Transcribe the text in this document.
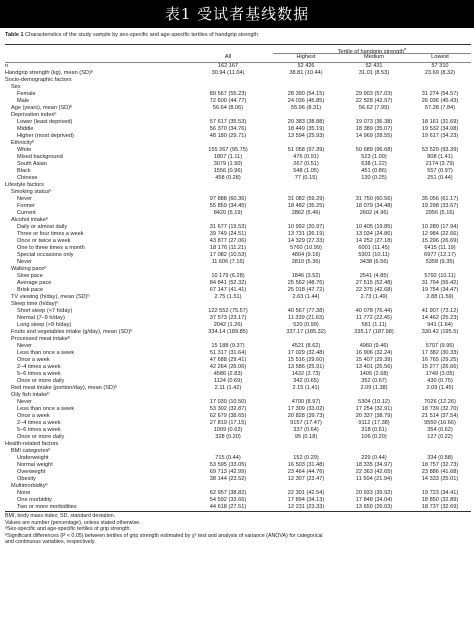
表1 受试者基线数据
Table 1 Characteristics of the study sample by sex-specific and age-specific tertiles of handgrip strength
Tertile of handgrip strength$^a$
All	Highest	Medium	Lowest
n	162 167	52 426	52 431	57 310
Handgrip strength (kg), mean (SD)ᵇ	30.94 (11.04)	38.81 (10.44)	31.01 (8.53)	23.69 (8.32)
Socio-demographic factors
Sex
Female	89 567 (55.23)	28 390 (54.15)	29 903 (57.03)	31 274 (54.57)
Male	72 600 (44.77)	24 036 (45.85)	22 528 (42.97)	26 036 (45.43)
Age (years), mean (SD)ᵇ	56.64 (8.06)	55.96 (8.31)	56.62 (7.99)	57.28 (7.84)
Deprivation indexᵇ
Lower (least deprived)	57 617 (35.53)	20 383 (38.88)	19 073 (36.38)	18 161 (31.69)
Middle	56 370 (34.76)	18 449 (35.19)	18 389 (35.07)	19 532 (34.08)
Higher (most deprived)	48 180 (29.71)	13 594 (25.93)	14 969 (28.55)	19 617 (34.23)
Ethnicityᵇ
White	155 267 (95.75)	51 058 (97.39)	50 689 (96.68)	53 520 (93.39)
Mixed background	1807 (1.11)	476 (0.91)	523 (1.00)	808 (1.41)
South Asian	3079 (1.90)	267 (0.51)	638 (1.22)	2174 (3.79)
Black	1556 (0.96)	548 (1.05)	451 (0.86)	557 (0.97)
Chinese	458 (0.28)	77 (0.15)	130 (0.25)	251 (0.44)
Lifestyle factors
Smoking statusᵇ
Never	97 888 (60.36)	31 082 (59.29)	31 750 (60.56)	35 056 (61.17)
Former	55 859 (34.45)	18 482 (35.25)	18 079 (34.48)	19 298 (33.67)
Current	8420 (5.19)	2862 (5.46)	2602 (4.96)	2956 (5.16)
Alcohol intakeᵇ
Daily or almost daily	31 677 (19.53)	10 992 (20.97)	10 405 (19.85)	10 280 (17.94)
Three or four times a week	39 749 (24.51)	13 731 (26.19)	13 034 (24.86)	12 984 (22.66)
Once or twice a week	43 877 (27.06)	14 329 (27.33)	14 252 (27.18)	15 296 (26.69)
One to three times a month	18 176 (11.21)	5760 (10.99)	6001 (11.45)	6415 (11.19)
Special occasions only	17 082 (10.53)	4804 (9.16)	5301 (10.11)	6977 (12.17)
Never	11 606 (7.16)	2810 (5.36)	3438 (6.56)	5358 (9.35)
Walking paceᵇ
Slow pace	10 179 (6.28)	1846 (3.52)	2541 (4.85)	5792 (10.11)
Average pace	84 841 (52.32)	25 562 (48.76)	27 515 (52.48)	31 764 (55.42)
Brisk pace	67 147 (41.41)	25 018 (47.72)	22 375 (42.68)	19 754 (34.47)
TV viewing (h/day), mean (SD)ᵇ	2.75 (1.51)	2.63 (1.44)	2.73 (1.49)	2.88 (1.59)
Sleep time (h/day)ᵇ
Short sleep (<7 h/day)	122 552 (75.57)	40 567 (77.38)	40 078 (76.44)	41 907 (73.12)
Normal (7–9 h/day)	37 573 (23.17)	11 339 (21.63)	11 772 (22.45)	14 462 (25.23)
Long sleep (>9 h/day)	2042 (1.26)	520 (0.99)	581 (1.11)	941 (1.64)
Fruits and vegetables intake (g/day), mean (SD)ᵇ	334.14 (189.85)	337.17 (185.32)	335.17 (187.98)	330.42 (195.5)
Processed meat intakeᵇ
Never	15 188 (9.37)	4521 (8.62)	4960 (9.46)	5707 (9.96)
Less than once a week	51 317 (31.64)	17 029 (32.48)	16 906 (32.24)	17 382 (30.33)
Once a week	47 688 (29.41)	15 516 (29.60)	15 407 (29.39)	16 765 (29.25)
2–4 times a week	42 264 (26.06)	13 586 (25.91)	13 401 (25.56)	15 277 (26.66)
5–6 times a week	4586 (2.83)	1432 (2.73)	1405 (2.68)	1749 (3.05)
Once or more daily	1124 (0.69)	342 (0.65)	352 (0.67)	430 (0.75)
Red meat intake (portion/day), mean (SD)ᵇ	2.11 (1.42)	2.15 (1.41)	2.09 (1.38)	2.09 (1.45)
Oily fish intakeᵇ
Never	17 030 (10.50)	4700 (8.97)	5304 (10.12)	7026 (12.26)
Less than once a week	53 302 (32.87)	17 309 (33.02)	17 254 (32.91)	18 739 (32.70)
Once a week	62 679 (38.65)	20 828 (39.73)	20 337 (38.79)	21 514 (37.54)
2–4 times a week	27 819 (17.15)	9157 (17.47)	9112 (17.38)	9550 (16.66)
5–6 times a week	1009 (0.62)	337 (0.64)	318 (0.61)	354 (0.62)
Once or more daily	328 (0.20)	95 (0.18)	106 (0.20)	127 (0.22)
Health-related factors
BMI categoriesᵇ
Underweight	715 (0.44)	152 (0.29)	229 (0.44)	334 (0.58)
Normal weight	53 595 (33.05)	16 503 (31.48)	18 335 (34.97)	18 757 (32.73)
Overweight	69 713 (42.99)	23 464 (44.76)	22 363 (42.65)	23 886 (41.68)
Obesity	38 144 (23.52)	12 307 (23.47)	11 504 (21.94)	14 333 (25.01)
Multimorbidityᵇ
None	62 957 (38.82)	22 301 (42.54)	20 933 (39.92)	19 723 (34.41)
One morbidity	54 592 (33.66)	17 894 (34.13)	17 848 (34.04)	18 850 (32.89)
Two or more morbidities	44 618 (27.51)	12 231 (23.33)	13 650 (26.03)	18 737 (32.69)
BMI, body mass index; SD, standard deviation.
Values are number (percentage), unless stated otherwise.
ᵃSex-specific and age-specific tertiles of grip strength.
ᵇSignificant differences (P < 0.05) between tertiles of grip strength estimated by χ² test and analysis of variance (ANOVA) for categorical
and continuous variables, respectively.
